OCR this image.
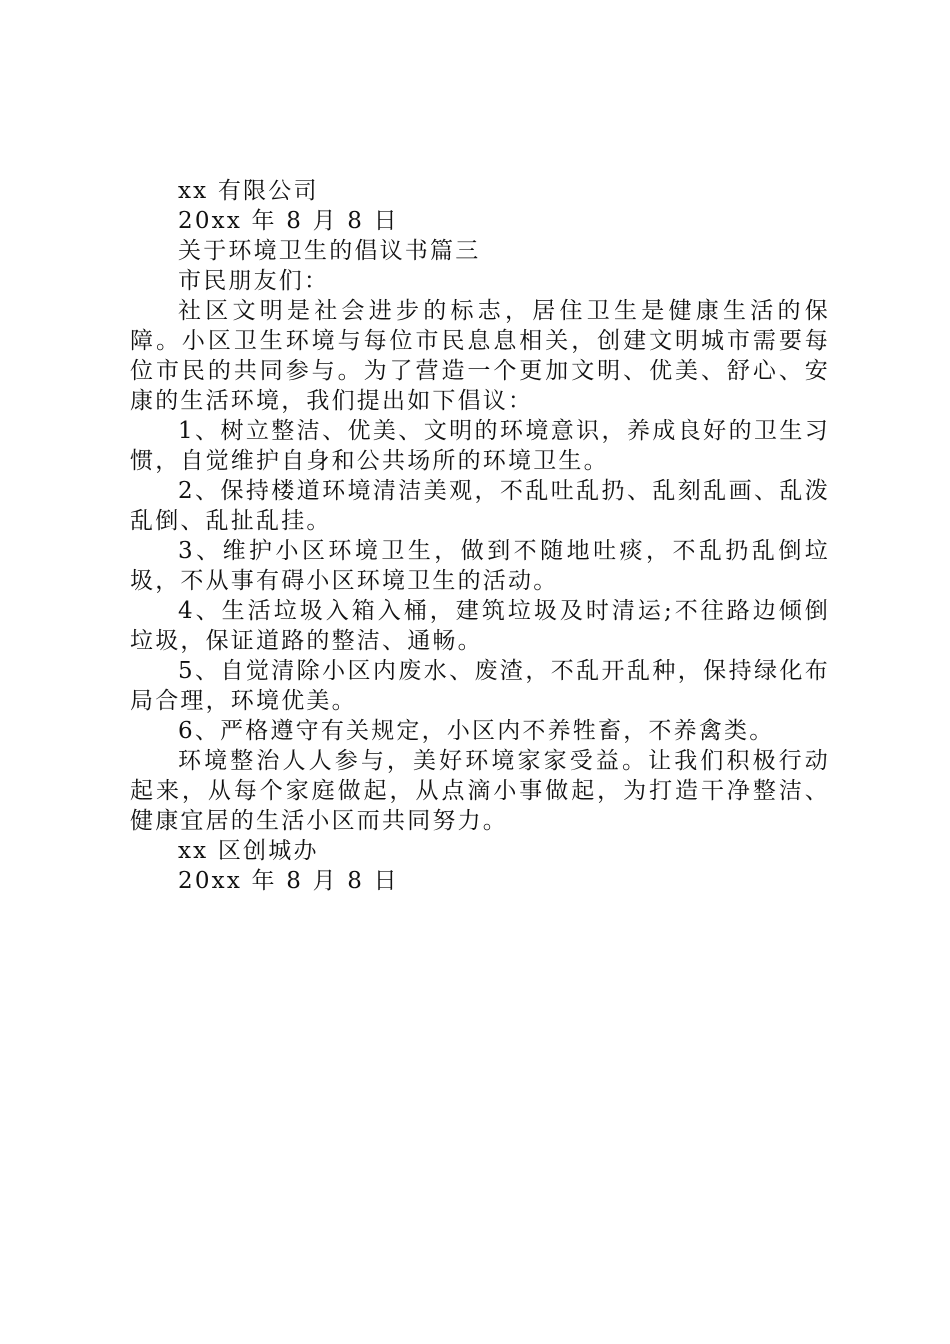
xx 有限公司

20xx 年 8 月 8 日

关于环境卫生的倡议书篇三

市民朋友们：

社区文明是社会进步的标志，居住卫生是健康生活的保障。小区卫生环境与每位市民息息相关，创建文明城市需要每位市民的共同参与。为了营造一个更加文明、优美、舒心、安康的生活环境，我们提出如下倡议：

1、树立整洁、优美、文明的环境意识，养成良好的卫生习惯，自觉维护自身和公共场所的环境卫生。

2、保持楼道环境清洁美观，不乱吐乱扔、乱刻乱画、乱泼乱倒、乱扯乱挂。

3、维护小区环境卫生，做到不随地吐痰，不乱扔乱倒垃圾，不从事有碍小区环境卫生的活动。

4、生活垃圾入箱入桶，建筑垃圾及时清运;不往路边倾倒垃圾，保证道路的整洁、通畅。

5、自觉清除小区内废水、废渣，不乱开乱种，保持绿化布局合理，环境优美。

6、严格遵守有关规定，小区内不养牲畜，不养禽类。

环境整治人人参与，美好环境家家受益。让我们积极行动起来，从每个家庭做起，从点滴小事做起，为打造干净整洁、健康宜居的生活小区而共同努力。

xx 区创城办

20xx 年 8 月 8 日
